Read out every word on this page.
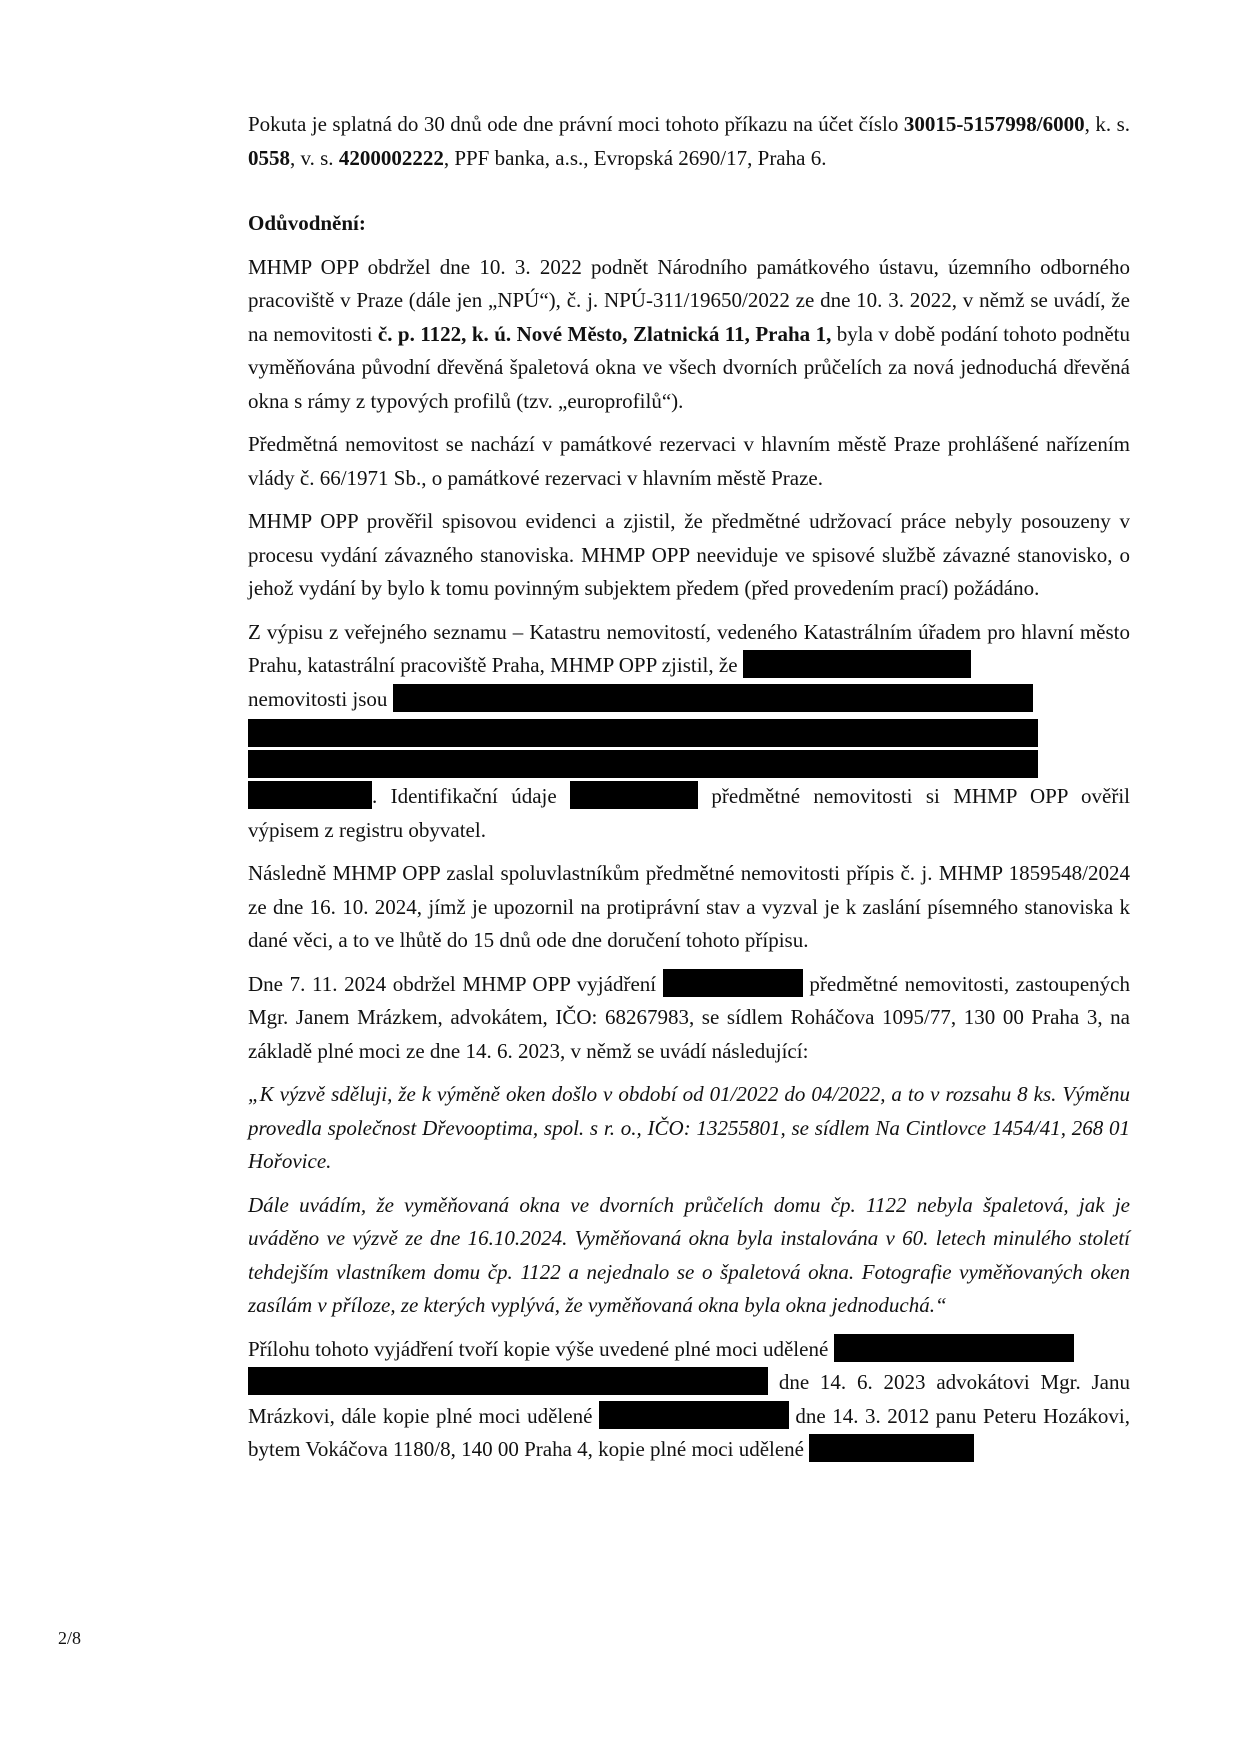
Pokuta je splatná do 30 dnů ode dne právní moci tohoto příkazu na účet číslo 30015-5157998/6000, k. s. 0558, v. s. 4200002222, PPF banka, a.s., Evropská 2690/17, Praha 6.

Odůvodnění:

MHMP OPP obdržel dne 10. 3. 2022 podnět Národního památkového ústavu, územního odborného pracoviště v Praze (dále jen „NPÚ“), č. j. NPÚ-311/19650/2022 ze dne 10. 3. 2022, v němž se uvádí, že na nemovitosti č. p. 1122, k. ú. Nové Město, Zlatnická 11, Praha 1, byla v době podání tohoto podnětu vyměňována původní dřevěná špaletová okna ve všech dvorních průčelích za nová jednoduchá dřevěná okna s rámy z typových profilů (tzv. „europrofilů“).

Předmětná nemovitost se nachází v památkové rezervaci v hlavním městě Praze prohlášené nařízením vlády č. 66/1971 Sb., o památkové rezervaci v hlavním městě Praze.

MHMP OPP prověřil spisovou evidenci a zjistil, že předmětné udržovací práce nebyly posouzeny v procesu vydání závazného stanoviska. MHMP OPP neeviduje ve spisové službě závazné stanovisko, o jehož vydání by bylo k tomu povinným subjektem předem (před provedením prací) požádáno.

Z výpisu z veřejného seznamu – Katastru nemovitostí, vedeného Katastrálním úřadem pro hlavní město Prahu, katastrální pracoviště Praha, MHMP OPP zjistil, že
nemovitosti jsou
. Identifikační údaje	předmětné nemovitosti si MHMP OPP ověřil výpisem z registru obyvatel.

Následně MHMP OPP zaslal spoluvlastníkům předmětné nemovitosti přípis č. j. MHMP 1859548/2024 ze dne 16. 10. 2024, jímž je upozornil na protiprávní stav a vyzval je k zaslání písemného stanoviska k dané věci, a to ve lhůtě do 15 dnů ode dne doručení tohoto přípisu.

Dne 7. 11. 2024 obdržel MHMP OPP vyjádření	předmětné nemovitosti, zastoupených Mgr. Janem Mrázkem, advokátem, IČO: 68267983, se sídlem Roháčova 1095/77, 130 00 Praha 3, na základě plné moci ze dne 14. 6. 2023, v němž se uvádí následující:

„K výzvě sděluji, že k výměně oken došlo v období od 01/2022 do 04/2022, a to v rozsahu 8 ks. Výměnu provedla společnost Dřevooptima, spol. s r. o., IČO: 13255801, se sídlem Na Cintlovce 1454/41, 268 01 Hořovice.

Dále uvádím, že vyměňovaná okna ve dvorních průčelích domu čp. 1122 nebyla špaletová, jak je uváděno ve výzvě ze dne 16.10.2024. Vyměňovaná okna byla instalována v 60. letech minulého století tehdejším vlastníkem domu čp. 1122 a nejednalo se o špaletová okna. Fotografie vyměňovaných oken zasílám v příloze, ze kterých vyplývá, že vyměňovaná okna byla okna jednoduchá.“

Přílohu tohoto vyjádření tvoří kopie výše uvedené plné moci udělené
dne 14. 6. 2023 advokátovi Mgr. Janu Mrázkovi, dále kopie plné moci udělené	dne 14. 3. 2012 panu Peteru Hozákovi, bytem Vokáčova 1180/8, 140 00 Praha 4, kopie plné moci udělené

2/8
